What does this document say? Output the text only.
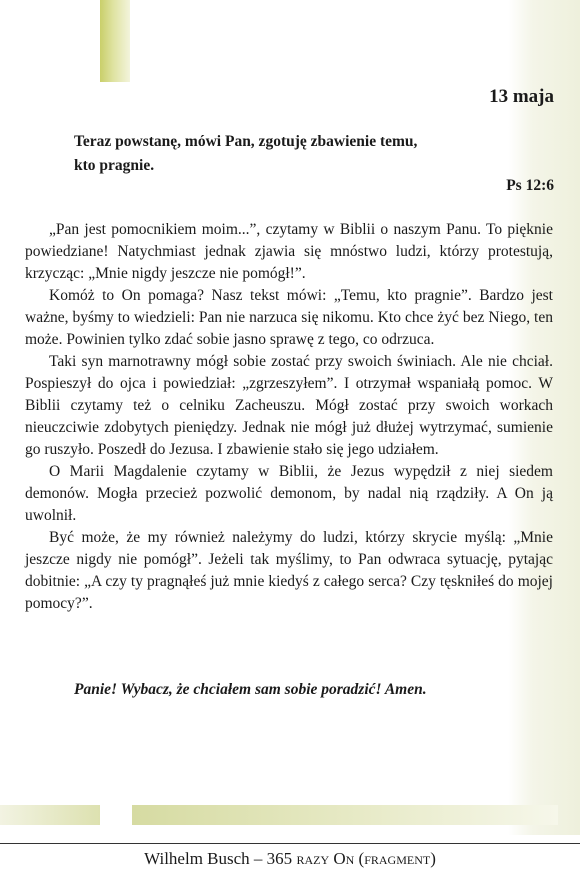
13 maja
Teraz powstanę, mówi Pan, zgotuję zbawienie temu,
kto pragnie.
Ps 12:6

„Pan jest pomocnikiem moim...”, czytamy w Biblii o naszym Panu. To pięknie powiedziane! Natychmiast jednak zjawia się mnóstwo ludzi, którzy protestują, krzycząc: „Mnie nigdy jeszcze nie pomógł!”.

Komóż to On pomaga? Nasz tekst mówi: „Temu, kto pragnie”. Bardzo jest ważne, byśmy to wiedzieli: Pan nie narzuca się nikomu. Kto chce żyć bez Niego, ten może. Powinien tylko zdać sobie jasno sprawę z tego, co odrzuca.

Taki syn marnotrawny mógł sobie zostać przy swoich świniach. Ale nie chciał. Pospieszył do ojca i powiedział: „zgrzeszyłem”. I otrzymał wspaniałą pomoc. W Biblii czytamy też o celniku Zacheuszu. Mógł zostać przy swoich workach nieuczciwie zdobytych pieniędzy. Jednak nie mógł już dłużej wytrzymać, sumienie go ruszyło. Poszedł do Jezusa. I zbawienie stało się jego udziałem.

O Marii Magdalenie czytamy w Biblii, że Jezus wypędził z niej siedem demonów. Mogła przecież pozwolić demonom, by nadal nią rządziły. A On ją uwolnił.

Być może, że my również należymy do ludzi, którzy skrycie myślą: „Mnie jeszcze nigdy nie pomógł”. Jeżeli tak myślimy, to Pan odwraca sytuację, pytając dobitnie: „A czy ty pragnąłeś już mnie kiedyś z całego serca? Czy tęskniłeś do mojej pomocy?”.

Panie! Wybacz, że chciałem sam sobie poradzić! Amen.
Wilhelm Busch – 365 razy On (fragment)
